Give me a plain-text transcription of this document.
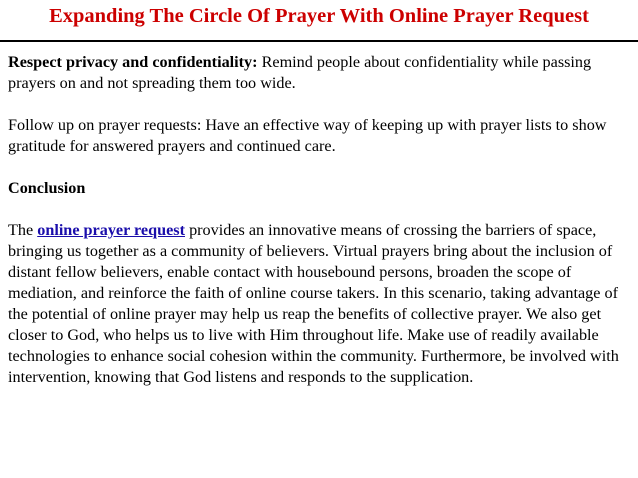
Expanding The Circle Of Prayer With Online Prayer Request

Respect privacy and confidentiality: Remind people about confidentiality while passing prayers on and not spreading them too wide.

Follow up on prayer requests: Have an effective way of keeping up with prayer lists to show gratitude for answered prayers and continued care.

Conclusion

The online prayer request provides an innovative means of crossing the barriers of space, bringing us together as a community of believers. Virtual prayers bring about the inclusion of distant fellow believers, enable contact with housebound persons, broaden the scope of mediation, and reinforce the faith of online course takers. In this scenario, taking advantage of the potential of online prayer may help us reap the benefits of collective prayer. We also get closer to God, who helps us to live with Him throughout life. Make use of readily available technologies to enhance social cohesion within the community. Furthermore, be involved with intervention, knowing that God listens and responds to the supplication.
